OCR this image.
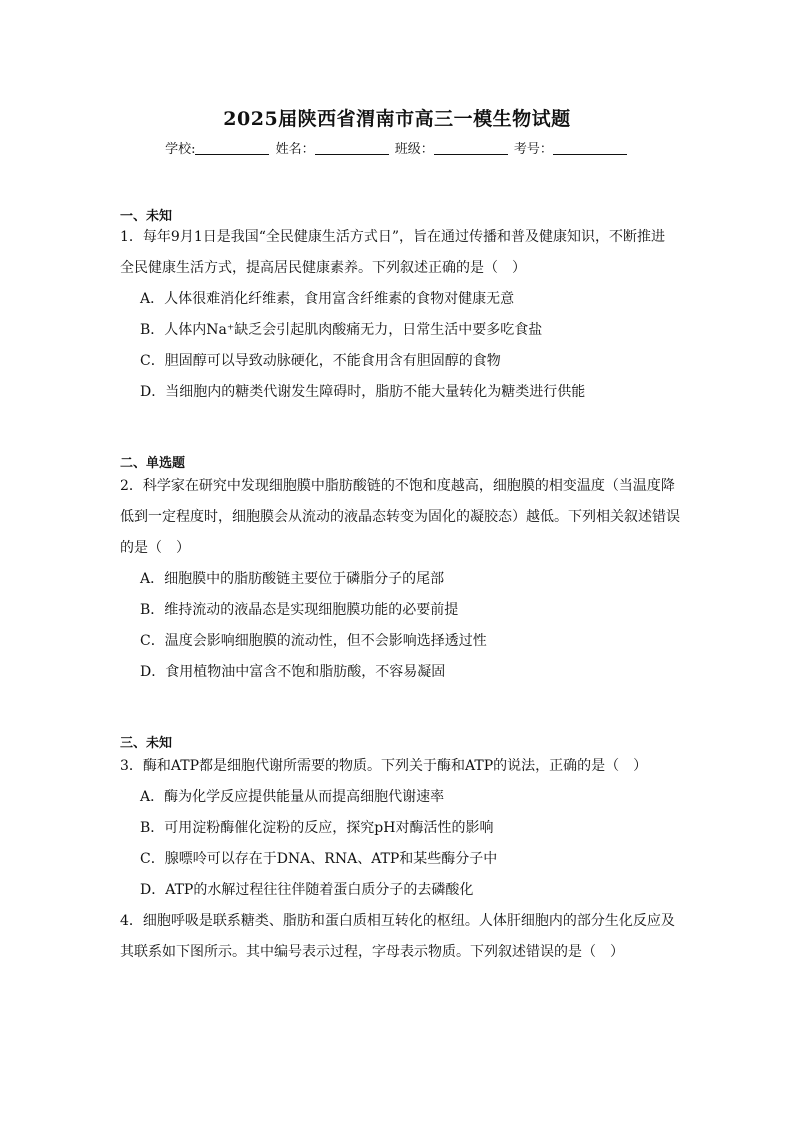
2025届陕西省渭南市高三一模生物试题
学校:	姓名：	班级：	考号：
一、未知
1．每年9月1日是我国“全民健康生活方式日”，旨在通过传播和普及健康知识，不断推进
全民健康生活方式，提高居民健康素养。下列叙述正确的是（　）
A．人体很难消化纤维素，食用富含纤维素的食物对健康无意
B．人体内Na⁺缺乏会引起肌肉酸痛无力，日常生活中要多吃食盐
C．胆固醇可以导致动脉硬化，不能食用含有胆固醇的食物
D．当细胞内的糖类代谢发生障碍时，脂肪不能大量转化为糖类进行供能
二、单选题
2．科学家在研究中发现细胞膜中脂肪酸链的不饱和度越高，细胞膜的相变温度（当温度降
低到一定程度时，细胞膜会从流动的液晶态转变为固化的凝胶态）越低。下列相关叙述错误
的是（　）
A．细胞膜中的脂肪酸链主要位于磷脂分子的尾部
B．维持流动的液晶态是实现细胞膜功能的必要前提
C．温度会影响细胞膜的流动性，但不会影响选择透过性
D．食用植物油中富含不饱和脂肪酸，不容易凝固
三、未知
3．酶和ATP都是细胞代谢所需要的物质。下列关于酶和ATP的说法，正确的是（　）
A．酶为化学反应提供能量从而提高细胞代谢速率
B．可用淀粉酶催化淀粉的反应，探究pH对酶活性的影响
C．腺嘌呤可以存在于DNA、RNA、ATP和某些酶分子中
D．ATP的水解过程往往伴随着蛋白质分子的去磷酸化
4．细胞呼吸是联系糖类、脂肪和蛋白质相互转化的枢纽。人体肝细胞内的部分生化反应及
其联系如下图所示。其中编号表示过程，字母表示物质。下列叙述错误的是（　）
